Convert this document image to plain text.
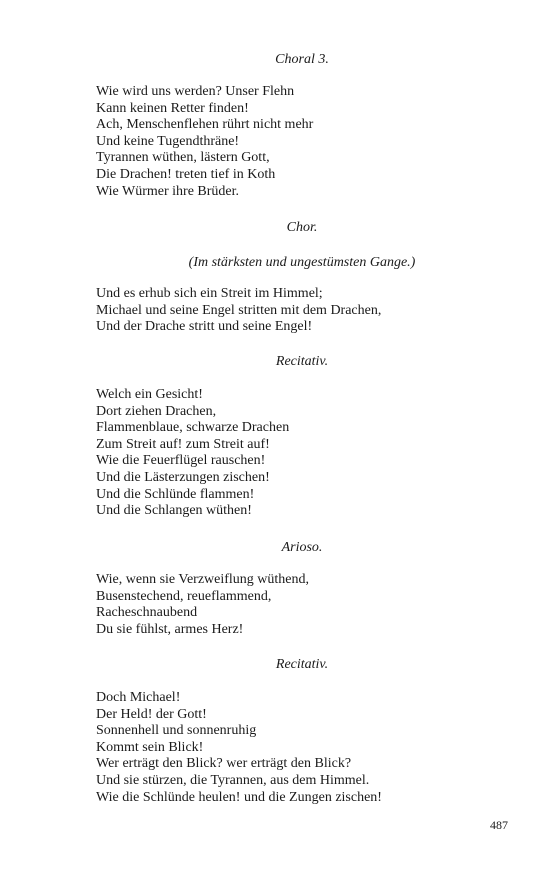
Choral 3.
Wie wird uns werden? Unser Flehn
Kann keinen Retter finden!
Ach, Menschenflehen rührt nicht mehr
Und keine Tugendthräne!
Tyrannen wüthen, lästern Gott,
Die Drachen! treten tief in Koth
Wie Würmer ihre Brüder.
Chor.
(Im stärksten und ungestümsten Gange.)
Und es erhub sich ein Streit im Himmel;
Michael und seine Engel stritten mit dem Drachen,
Und der Drache stritt und seine Engel!
Recitativ.
Welch ein Gesicht!
Dort ziehen Drachen,
Flammenblaue, schwarze Drachen
Zum Streit auf! zum Streit auf!
Wie die Feuerflügel rauschen!
Und die Lästerzungen zischen!
Und die Schlünde flammen!
Und die Schlangen wüthen!
Arioso.
Wie, wenn sie Verzweiflung wüthend,
Busenstechend, reueflammend,
Racheschnaubend
Du sie fühlst, armes Herz!
Recitativ.
Doch Michael!
Der Held! der Gott!
Sonnenhell und sonnenruhig
Kommt sein Blick!
Wer erträgt den Blick? wer erträgt den Blick?
Und sie stürzen, die Tyrannen, aus dem Himmel.
Wie die Schlünde heulen! und die Zungen zischen!
487
